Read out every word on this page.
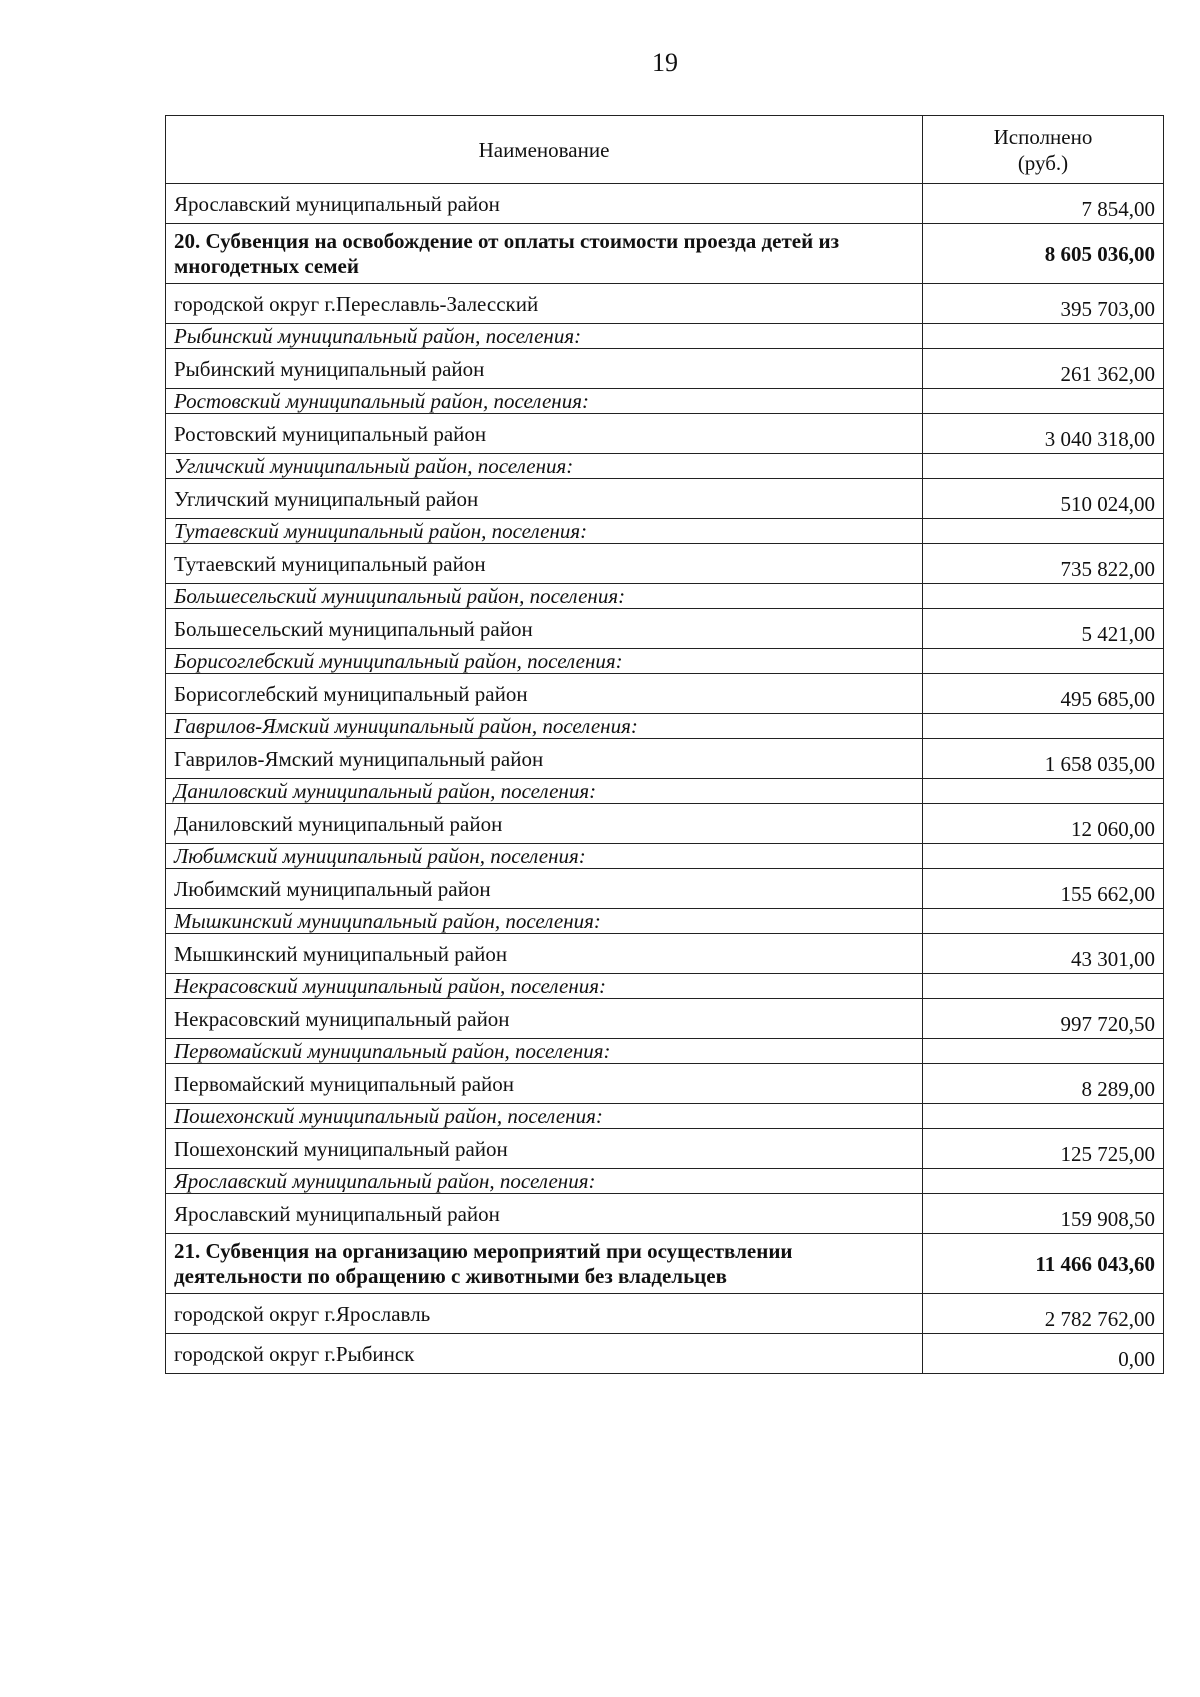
19
Наименование	Исполнено
(руб.)
Ярославский муниципальный район	7 854,00
20. Субвенция на освобождение от оплаты стоимости проезда детей из многодетных семей	8 605 036,00
городской округ г.Переславль-Залесский	395 703,00
Рыбинский муниципальный район, поселения:	
Рыбинский муниципальный район	261 362,00
Ростовский муниципальный район, поселения:	
Ростовский муниципальный район	3 040 318,00
Угличский муниципальный район, поселения:	
Угличский муниципальный район	510 024,00
Тутаевский муниципальный район, поселения:	
Тутаевский муниципальный район	735 822,00
Большесельский муниципальный район, поселения:	
Большесельский муниципальный район	5 421,00
Борисоглебский муниципальный район, поселения:	
Борисоглебский муниципальный район	495 685,00
Гаврилов-Ямский муниципальный район, поселения:	
Гаврилов-Ямский муниципальный район	1 658 035,00
Даниловский муниципальный район, поселения:	
Даниловский муниципальный район	12 060,00
Любимский муниципальный район, поселения:	
Любимский муниципальный район	155 662,00
Мышкинский муниципальный район, поселения:	
Мышкинский муниципальный район	43 301,00
Некрасовский муниципальный район, поселения:	
Некрасовский муниципальный район	997 720,50
Первомайский муниципальный район, поселения:	
Первомайский муниципальный район	8 289,00
Пошехонский муниципальный район, поселения:	
Пошехонский муниципальный район	125 725,00
Ярославский муниципальный район, поселения:	
Ярославский муниципальный район	159 908,50
21. Субвенция на организацию мероприятий при осуществлении деятельности по обращению с животными без владельцев	11 466 043,60
городской округ г.Ярославль	2 782 762,00
городской округ г.Рыбинск	0,00
